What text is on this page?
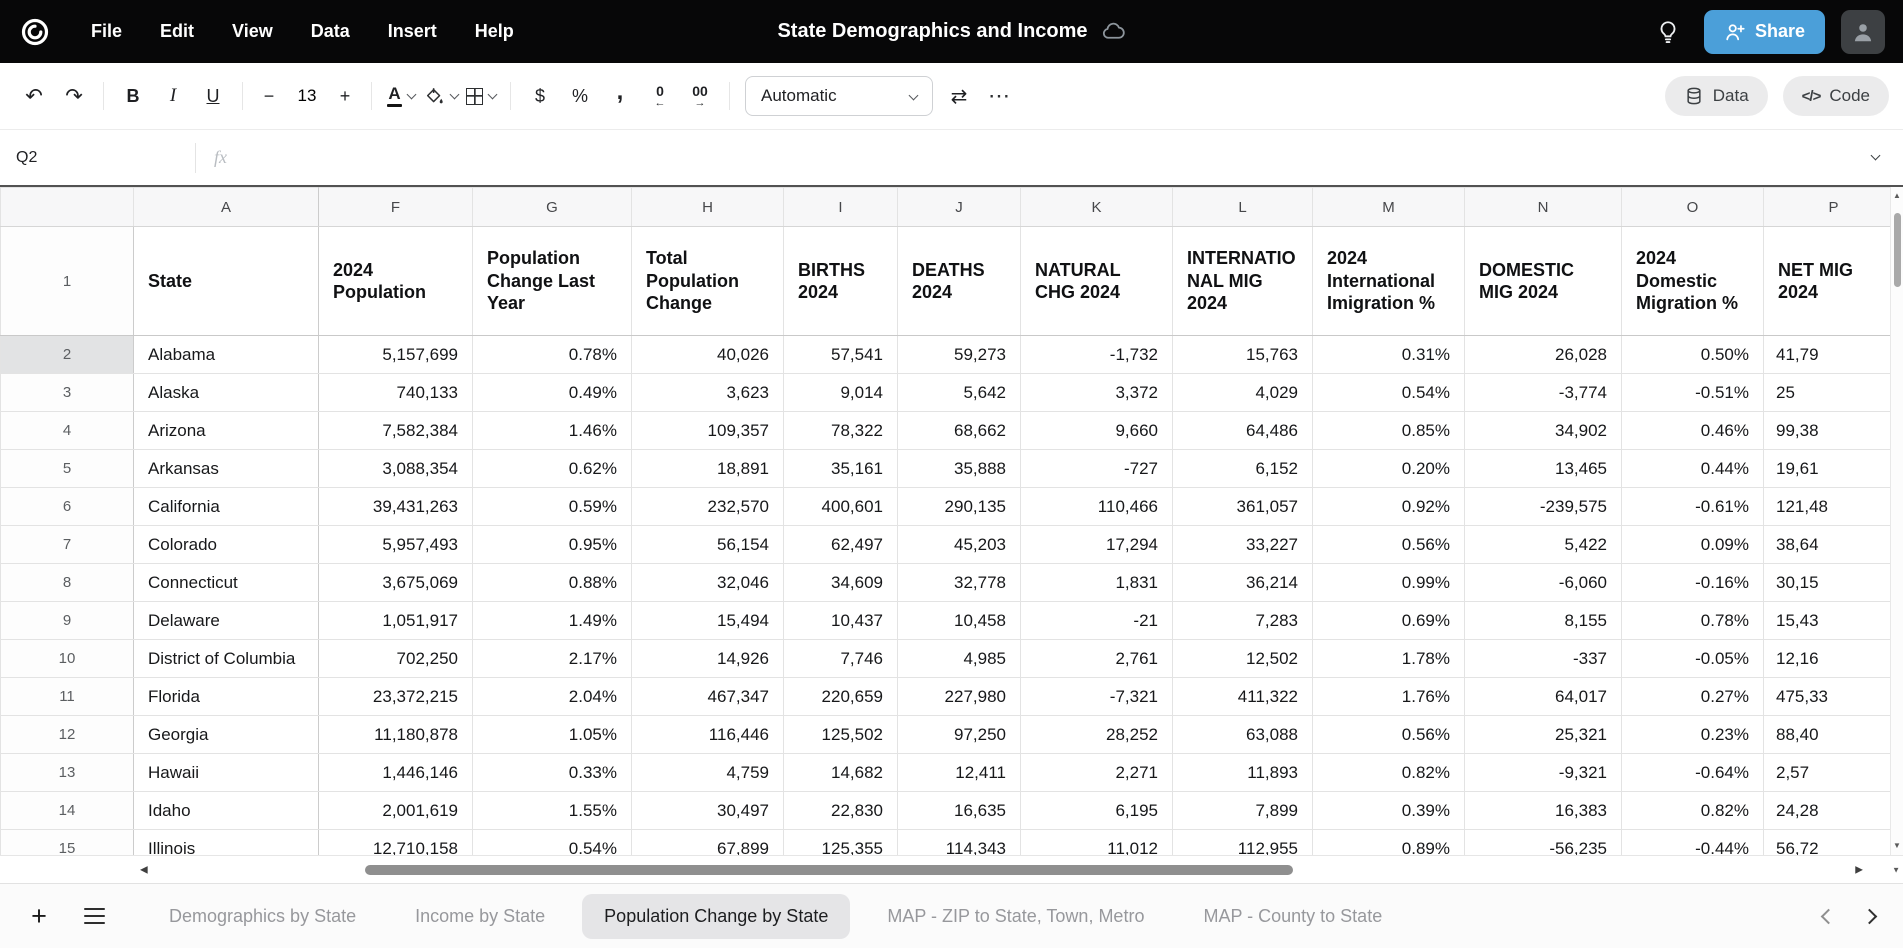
File	Edit	View	Data	Insert	Help	State Demographics and Income	Share
↶	↷	B	I	U	−	13	+	A	$	%	,	0
←
00
→	Automatic	⇄ ⋯	Data	</> Code
Q2	fx
	A	F	G	H	I	J	K	L	M	N	O	P
1	State	2024 Population	Population Change Last Year	Total Population Change	BIRTHS 2024	DEATHS 2024	NATURAL CHG 2024	INTERNATIONAL MIG 2024	2024 International Imigration %	DOMESTIC MIG 2024	2024 Domestic Migration %	NET MIG 2024
2	Alabama	5,157,699	0.78%	40,026	57,541	59,273	-1,732	15,763	0.31%	26,028	0.50%	41,79
3	Alaska	740,133	0.49%	3,623	9,014	5,642	3,372	4,029	0.54%	-3,774	-0.51%	25
4	Arizona	7,582,384	1.46%	109,357	78,322	68,662	9,660	64,486	0.85%	34,902	0.46%	99,38
5	Arkansas	3,088,354	0.62%	18,891	35,161	35,888	-727	6,152	0.20%	13,465	0.44%	19,61
6	California	39,431,263	0.59%	232,570	400,601	290,135	110,466	361,057	0.92%	-239,575	-0.61%	121,48
7	Colorado	5,957,493	0.95%	56,154	62,497	45,203	17,294	33,227	0.56%	5,422	0.09%	38,64
8	Connecticut	3,675,069	0.88%	32,046	34,609	32,778	1,831	36,214	0.99%	-6,060	-0.16%	30,15
9	Delaware	1,051,917	1.49%	15,494	10,437	10,458	-21	7,283	0.69%	8,155	0.78%	15,43
10	District of Columbia	702,250	2.17%	14,926	7,746	4,985	2,761	12,502	1.78%	-337	-0.05%	12,16
11	Florida	23,372,215	2.04%	467,347	220,659	227,980	-7,321	411,322	1.76%	64,017	0.27%	475,33
12	Georgia	11,180,878	1.05%	116,446	125,502	97,250	28,252	63,088	0.56%	25,321	0.23%	88,40
13	Hawaii	1,446,146	0.33%	4,759	14,682	12,411	2,271	11,893	0.82%	-9,321	-0.64%	2,57
14	Idaho	2,001,619	1.55%	30,497	22,830	16,635	6,195	7,899	0.39%	16,383	0.82%	24,28
15	Illinois	12,710,158	0.54%	67,899	125,355	114,343	11,012	112,955	0.89%	-56,235	-0.44%	56,72
▲
▼
◀	▶	▼
+	Demographics by State	Income by State	Population Change by State	MAP - ZIP to State, Town, Metro	MAP - County to State
